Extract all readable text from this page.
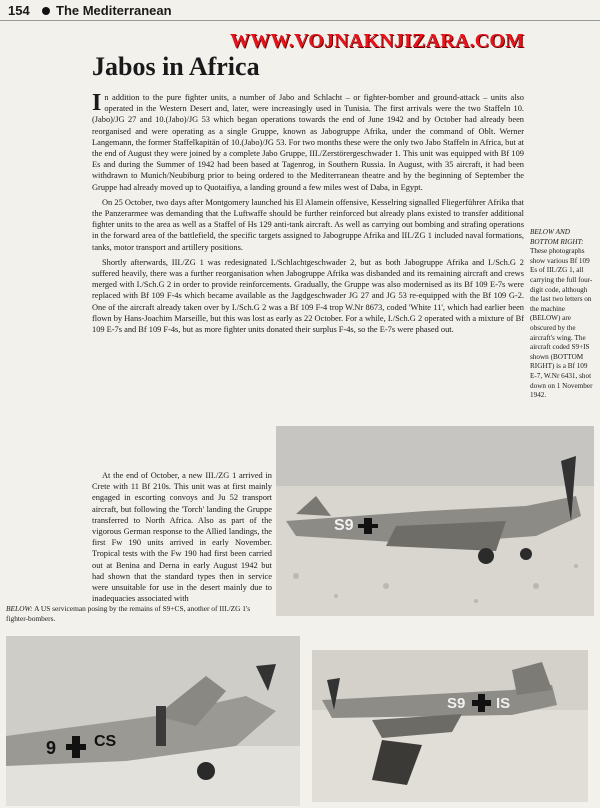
154 The Mediterranean
WWW.VOJNAKNJIZARA.COM
Jabos in Africa

In addition to the pure fighter units, a number of Jabo and Schlacht – or fighter-bomber and ground-attack – units also operated in the Western Desert and, later, were increasingly used in Tunisia. The first arrivals were the two Staffeln 10.(Jabo)/JG 27 and 10.(Jabo)/JG 53 which began operations towards the end of June 1942 and by October had already been reorganised and were operating as a single Gruppe, known as Jabogruppe Afrika, under the command of Oblt. Werner Langemann, the former Staffelkapitän of 10.(Jabo)/JG 53. For two months these were the only two Jabo Staffeln in Africa, but at the end of August they were joined by a complete Jabo Gruppe, III./Zerstörergeschwader 1. This unit was equipped with Bf 109 Es and during the Summer of 1942 had been based at Tagenrog, in Southern Russia. In August, with 35 aircraft, it had been withdrawn to Munich/Neubiburg prior to being ordered to the Mediterranean theatre and by the beginning of September the Gruppe had already moved up to Quotaifiya, a landing ground a few miles west of Daba, in Egypt.

On 25 October, two days after Montgomery launched his El Alamein offensive, Kesselring signalled Fliegerführer Afrika that the Panzerarmee was demanding that the Luftwaffe should be further reinforced but already plans existed to transfer additional fighter units to the area as well as a Staffel of Hs 129 anti-tank aircraft. As well as carrying out bombing and strafing operations in the forward area of the battlefield, the specific targets assigned to Jabogruppe Afrika and III./ZG 1 included naval formations, tanks, motor transport and artillery positions.

Shortly afterwards, III./ZG 1 was redesignated I./Schlachtgeschwader 2, but as both Jabogruppe Afrika and I./Sch.G 2 suffered heavily, there was a further reorganisation when Jabogruppe Afrika was disbanded and its remaining aircraft and crews merged with I./Sch.G 2 in order to provide reinforcements. Gradually, the Gruppe was also modernised as its Bf 109 E-7s were replaced with Bf 109 F-4s which became available as the Jagdgeschwader JG 27 and JG 53 re-equipped with the Bf 109 G-2. One of the aircraft already taken over by I./Sch.G 2 was a Bf 109 F-4 trop W.Nr 8673, coded 'White 11', which had earlier been flown by Hans-Joachim Marseille, but this was lost as early as 22 October. For a while, I./Sch.G 2 operated with a mixture of Bf 109 E-7s and Bf 109 F-4s, but as more fighter units donated their surplus F-4s, so the E-7s were phased out.

At the end of October, a new III./ZG 1 arrived in Crete with 11 Bf 210s. This unit was at first mainly engaged in escorting convoys and Ju 52 transport aircraft, but following the 'Torch' landing the Gruppe transferred to North Africa. Also as part of the vigorous German response to the Allied landings, the first Fw 190 units arrived in early November. Tropical tests with the Fw 190 had first been carried out at Benina and Derna in early August 1942 but had shown that the standard types then in service were unsuitable for use in the desert mainly due to inadequacies associated with

BELOW AND BOTTOM RIGHT:
These photographs show various Bf 109 Es of III./ZG 1, all carrying the full four-digit code, although the last two letters on the machine (BELOW) are obscured by the aircraft's wing. The aircraft coded S9+IS shown (BOTTOM RIGHT) is a Bf 109 E-7, W.Nr 6431, shot down on 1 November 1942.
S9
BELOW: A US serviceman posing by the remains of S9+CS, another of III./ZG 1's fighter-bombers.
9 CS
S9 IS
